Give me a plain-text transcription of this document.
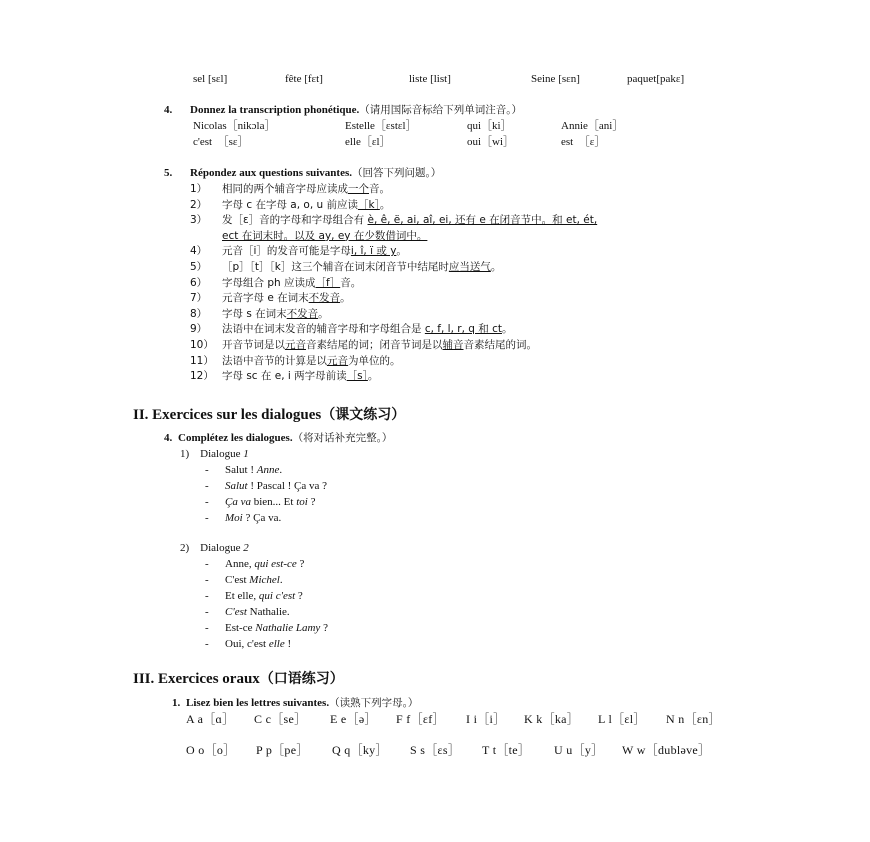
sel [sɛl]	fête [fɛt]	liste [list]	Seine [sɛn]	paquet[pakɛ]
4. Donnez la transcription phonétique.（请用国际音标给下列单词注音。）
Nicolas［nikɔla］	Estelle［ɛstɛl］	qui［ki］	Annie［ani］
c'est　［sɛ］	elle［ɛl］	oui［wi］	est　［ɛ］
5. Répondez aux questions suivantes.（回答下列问题。）
1） 相同的两个辅音字母应读成一个音。
2） 字母 c 在字母 a, o, u 前应读［k］。
3） 发［ɛ］音的字母和字母组合有 è, ê, ë, ai, aî, ei, 还有 e 在闭音节中。和 et, ét,
ect 在词末时。以及 ay, ey 在少数借词中。
4） 元音［i］的发音可能是字母i, î, ï 或 y。
5） ［p］［t］［k］这三个辅音在词末闭音节中结尾时应当送气。
6） 字母组合 ph 应读成［f］音。
7） 元音字母 e 在词末不发音。
8） 字母 s 在词末不发音。
9） 法语中在词末发音的辅音字母和字母组合是 c, f, l, r, q 和 ct。
10） 开音节词是以元音音素结尾的词；闭音节词是以辅音音素结尾的词。
11） 法语中音节的计算是以元音为单位的。
12） 字母 sc 在 e, i 两字母前读［s］。
II. Exercices sur les dialogues（课文练习）
4. Complétez les dialogues.（将对话补充完整。）
1)　Dialogue 1
- Salut ! Anne.
- Salut ! Pascal ! Ça va ?
- Ça va bien... Et toi ?
- Moi ? Ça va.
2)　Dialogue 2
- Anne, qui est-ce ?
- C'est Michel.
- Et elle, qui c'est ?
- C'est Nathalie.
- Est-ce Nathalie Lamy ?
- Oui, c'est elle !
III. Exercices oraux（口语练习）
1. Lisez bien les lettres suivantes.（读熟下列字母。）
A a［ɑ］ C c［se］ E e［ə］ F f［ɛf］ I i［i］ K k［ka］ L l［ɛl］ N n［ɛn］
O o［o］ P p［pe］ Q q［ky］ S s［ɛs］ T t［te］ U u［y］ W w［dubləve］
